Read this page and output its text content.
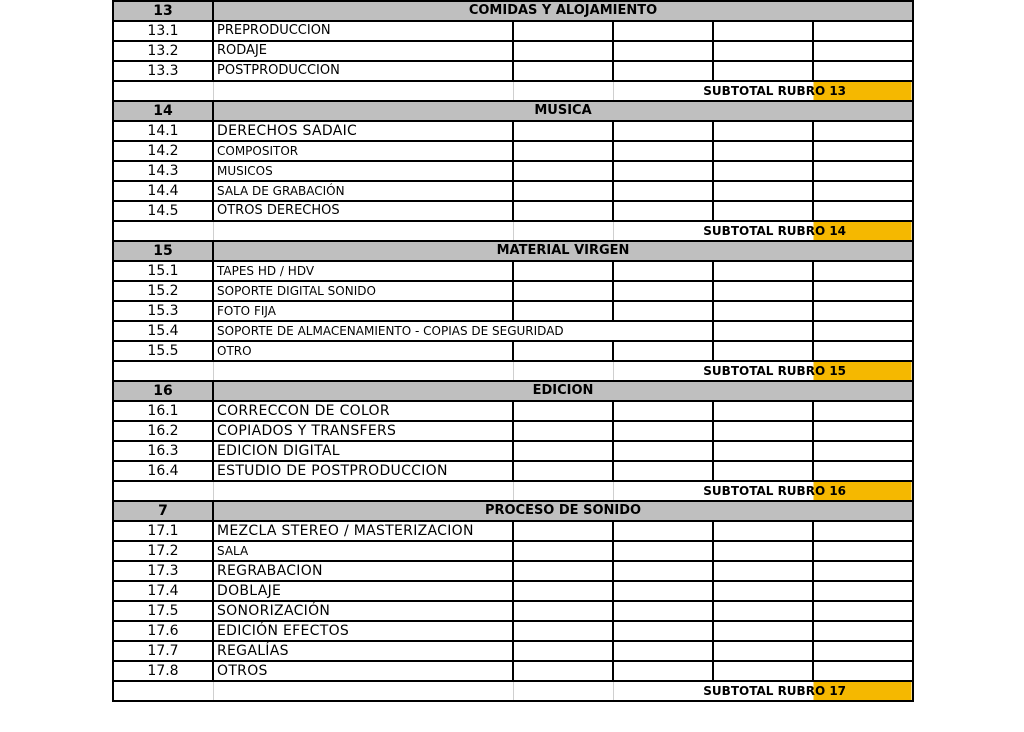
13	COMIDAS Y ALOJAMIENTO				
13.1	PREPRODUCCION				
13.2	RODAJE				
13.3	POSTPRODUCCION				
			SUBTOTAL RUBRO 13		
14	MUSICA				
14.1	DERECHOS SADAIC				
14.2	COMPOSITOR				
14.3	MUSICOS				
14.4	SALA DE GRABACIÓN				
14.5	OTROS DERECHOS				
			SUBTOTAL RUBRO 14		
15	MATERIAL VIRGEN				
15.1	TAPES HD / HDV				
15.2	SOPORTE DIGITAL SONIDO				
15.3	FOTO FIJA				
15.4	SOPORTE DE ALMACENAMIENTO - COPIAS DE SEGURIDAD				
15.5	OTRO				
			SUBTOTAL RUBRO 15		
16	EDICION				
16.1	CORRECCON DE COLOR				
16.2	COPIADOS Y TRANSFERS				
16.3	EDICION DIGITAL				
16.4	ESTUDIO DE POSTPRODUCCION				
			SUBTOTAL RUBRO 16		
7	PROCESO DE SONIDO				
17.1	MEZCLA STEREO / MASTERIZACION				
17.2	SALA				
17.3	REGRABACION				
17.4	DOBLAJE				
17.5	SONORIZACIÓN				
17.6	EDICIÓN EFECTOS				
17.7	REGALÍAS				
17.8	OTROS				
			SUBTOTAL RUBRO 17		
